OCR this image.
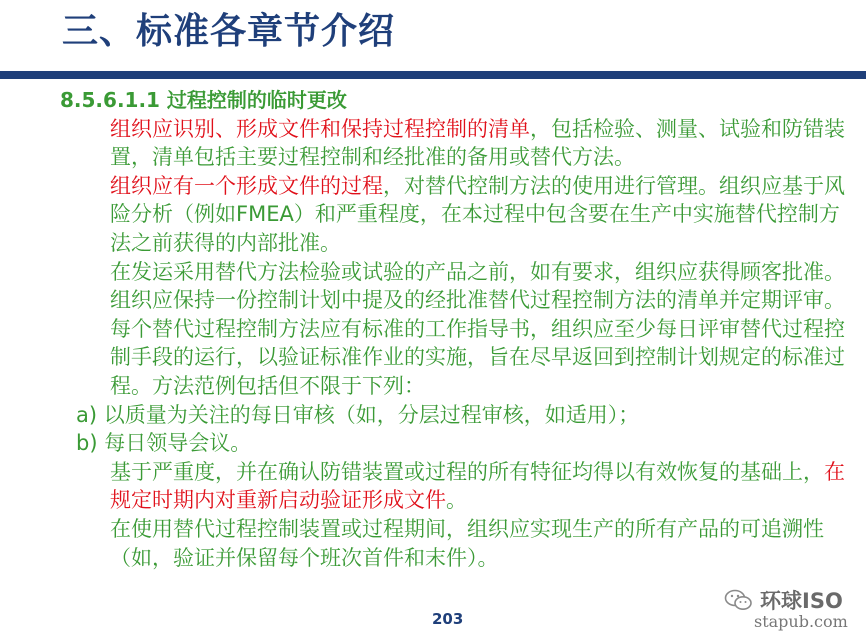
三、标准各章节介绍
8.5.6.1.1 过程控制的临时更改
组织应识别、形成文件和保持过程控制的清单，包括检验、测量、试验和防错装置，清单包括主要过程控制和经批准的备用或替代方法。
组织应有一个形成文件的过程，对替代控制方法的使用进行管理。组织应基于风险分析（例如FMEA）和严重程度，在本过程中包含要在生产中实施替代控制方法之前获得的内部批准。
在发运采用替代方法检验或试验的产品之前，如有要求，组织应获得顾客批准。组织应保持一份控制计划中提及的经批准替代过程控制方法的清单并定期评审。
每个替代过程控制方法应有标准的工作指导书，组织应至少每日评审替代过程控制手段的运行，以验证标准作业的实施，旨在尽早返回到控制计划规定的标准过程。方法范例包括但不限于下列：
a) 以质量为关注的每日审核（如，分层过程审核，如适用）；
b) 每日领导会议。
基于严重度，并在确认防错装置或过程的所有特征均得以有效恢复的基础上，在规定时期内对重新启动验证形成文件。
在使用替代过程控制装置或过程期间，组织应实现生产的所有产品的可追溯性（如，验证并保留每个班次首件和末件）。
203
环球ISO
stapub.com
